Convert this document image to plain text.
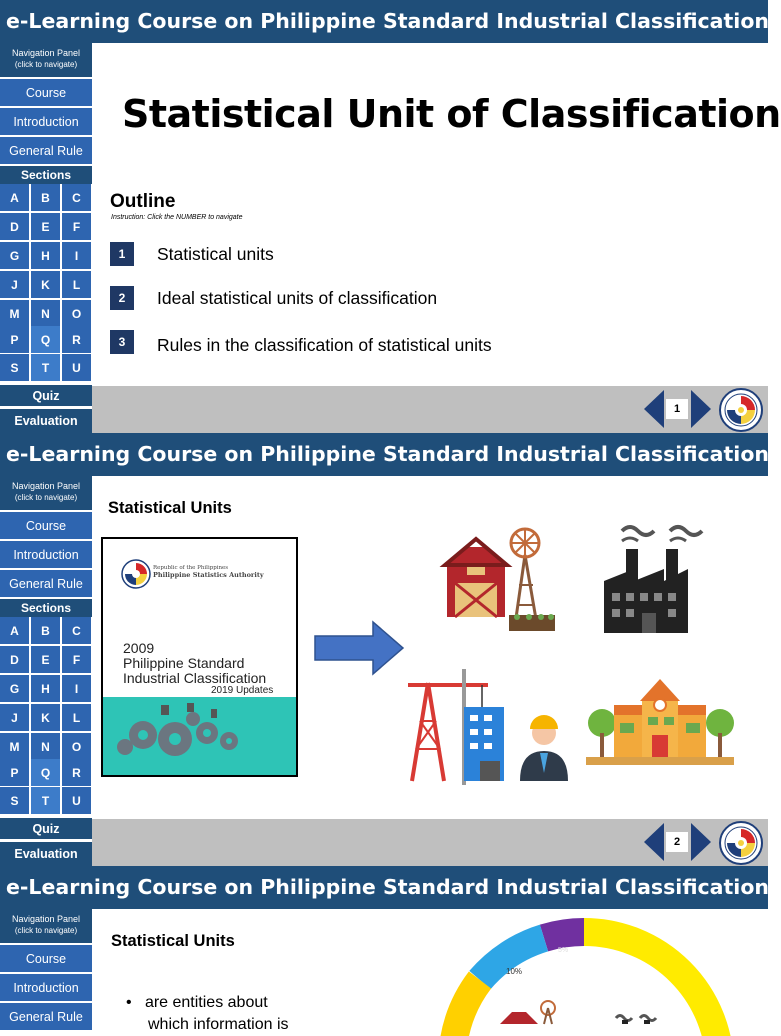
e-Learning Course on Philippine Standard Industrial Classification
Navigation Panel
(click to navigate)
Course
Introduction
General Rule
Sections
A	B	C
D	E	F
G	H	I
J	K	L
M	N	O
P	Q	R
S	T	U
Quiz
Evaluation
Statistical Unit of Classification
Outline
Instruction: Click the NUMBER to navigate
1	Statistical units
2	Ideal statistical units of classification
3	Rules in the classification of statistical units
1
e-Learning Course on Philippine Standard Industrial Classification
Navigation Panel
(click to navigate)
Course
Introduction
General Rule
Sections
A	B	C
D	E	F
G	H	I
J	K	L
M	N	O
P	Q	R
S	T	U
Quiz
Evaluation
Statistical Units
Republic of the Philippines
Philippine Statistics Authority
2009
Philippine Standard
Industrial Classification
2019 Updates
2
e-Learning Course on Philippine Standard Industrial Classification
Navigation Panel
(click to navigate)
Course
Introduction
General Rule
Statistical Units
•   are entities about
which information is
10%
5%
